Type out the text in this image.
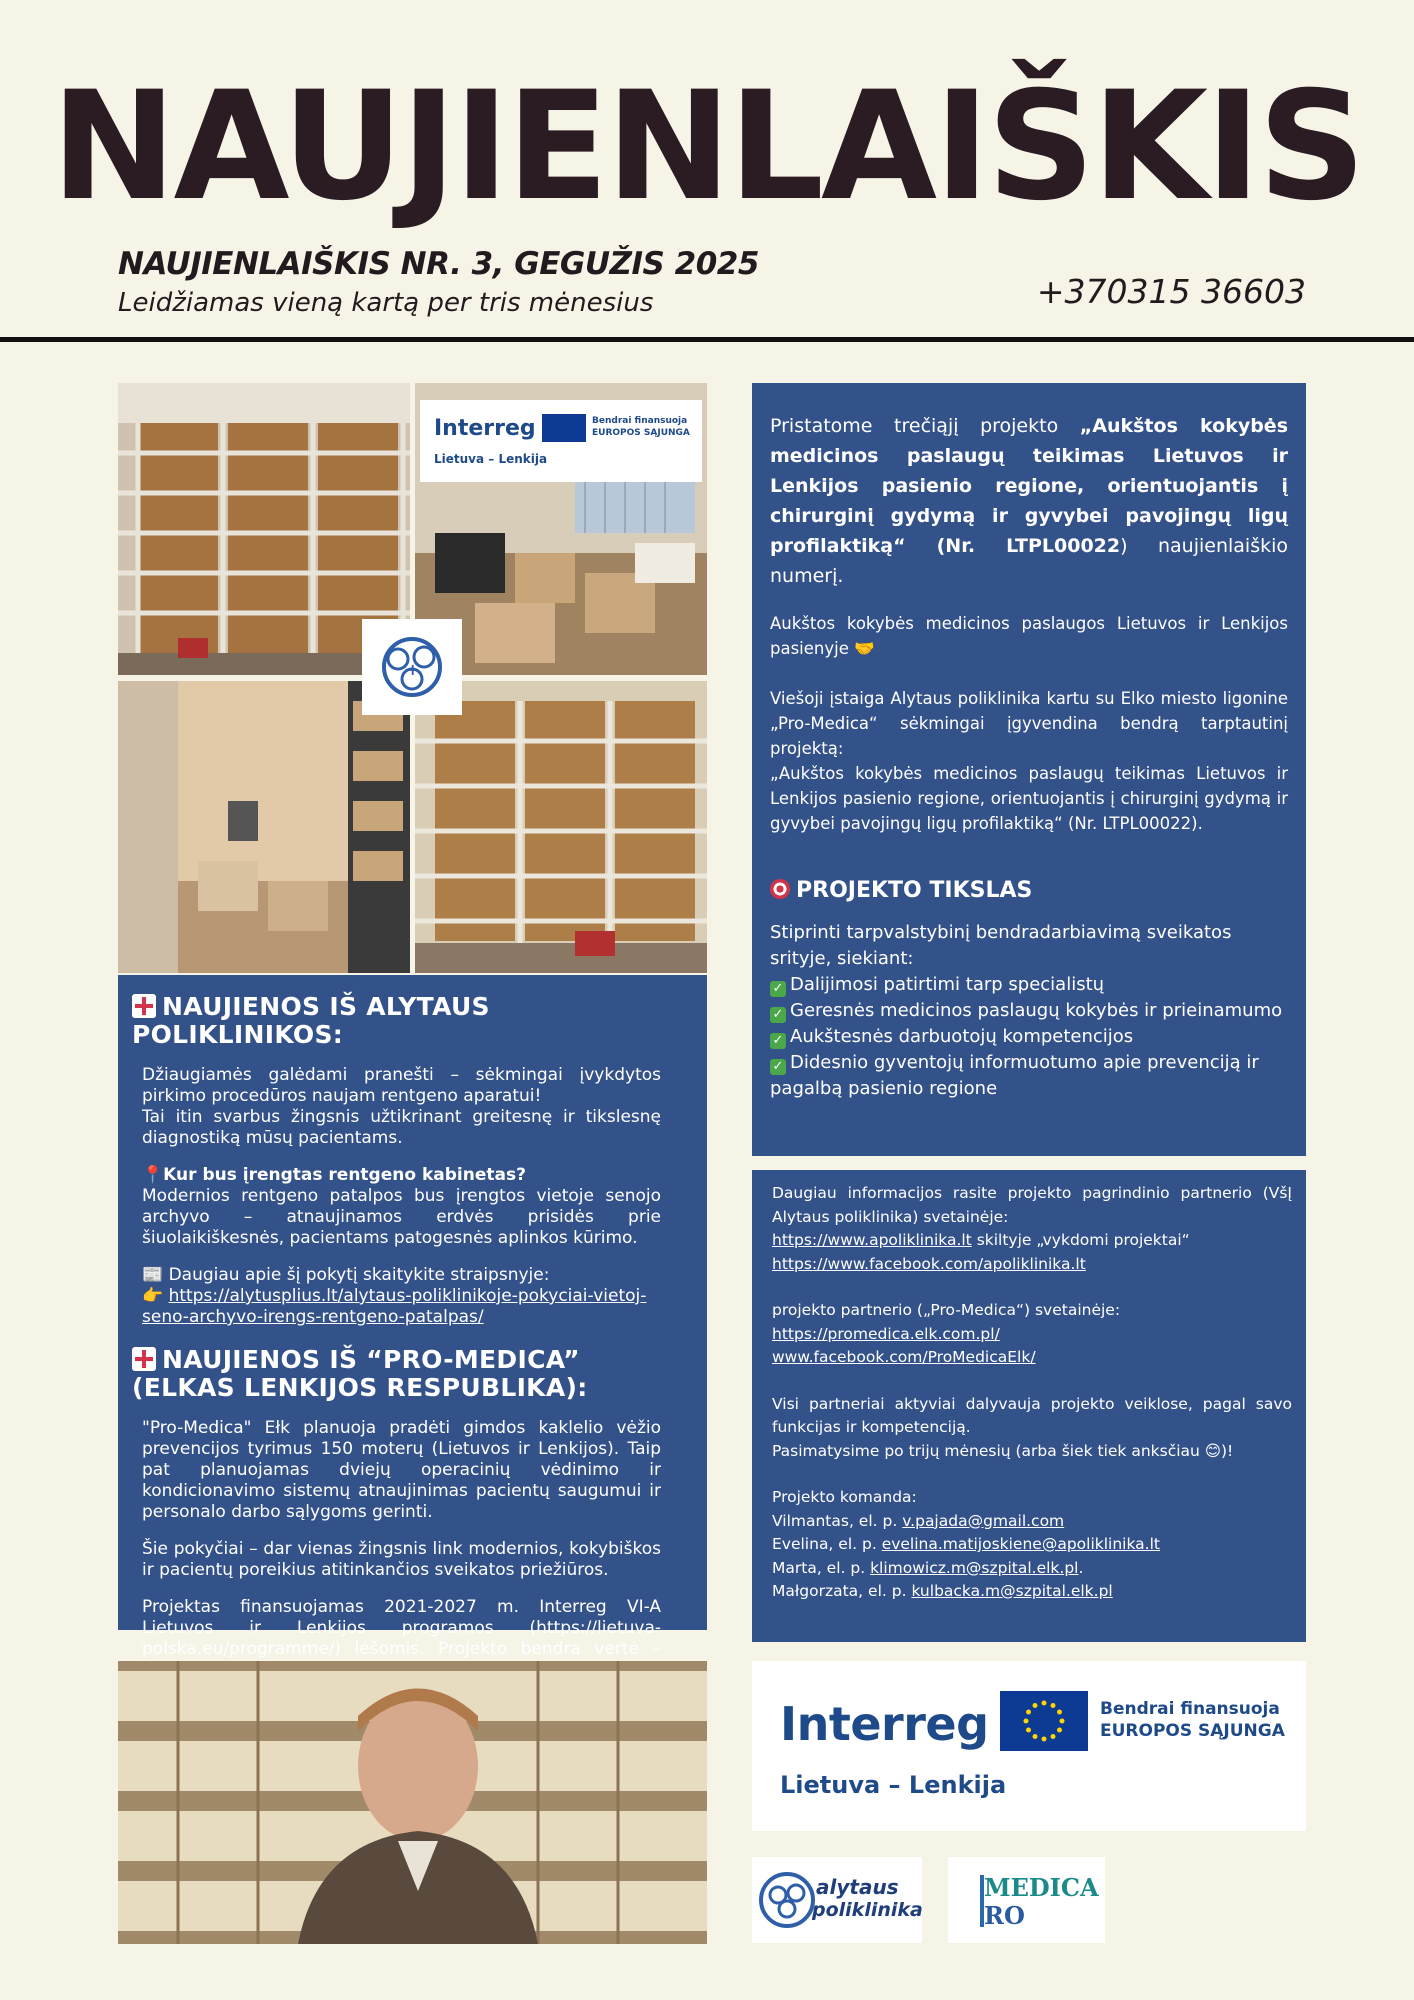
NAUJIENLAIŠKIS
NAUJIENLAIŠKIS NR. 3, GEGUŽIS 2025
Leidžiamas vieną kartą per tris mėnesius	+370315 36603
Interreg	Bendrai finansuoja
EUROPOS SĄJUNGA
Lietuva – Lenkija
+
NAUJIENOS IŠ ALYTAUS POLIKLINIKOS:

Džiaugiamės galėdami pranešti – sėkmingai įvykdytos pirkimo procedūros naujam rentgeno aparatui!

Tai itin svarbus žingsnis užtikrinant greitesnę ir tikslesnę diagnostiką mūsų pacientams.

📍Kur bus įrengtas rentgeno kabinetas?

Modernios rentgeno patalpos bus įrengtos vietoje senojo archyvo – atnaujinamos erdvės prisidės prie šiuolaikiškesnės, pacientams patogesnės aplinkos kūrimo.

📰 Daugiau apie šį pokytį skaitykite straipsnyje:

👉 https://alytusplius.lt/alytaus-poliklinikoje-pokyciai-vietoj-seno-archyvo-irengs-rentgeno-patalpas/

NAUJIENOS IŠ “PRO-MEDICA” (ELKAS LENKIJOS RESPUBLIKA):

"Pro-Medica" Ełk planuoja pradėti gimdos kaklelio vėžio prevencijos tyrimus 150 moterų (Lietuvos ir Lenkijos). Taip pat planuojamas dviejų operacinių vėdinimo ir kondicionavimo sistemų atnaujinimas pacientų saugumui ir personalo darbo sąlygoms gerinti.

Šie pokyčiai – dar vienas žingsnis link modernios, kokybiškos ir pacientų poreikius atitinkančios sveikatos priežiūros.

Projektas finansuojamas 2021-2027 m. Interreg VI-A Lietuvos ir Lenkijos programos (https://lietuva-polska.eu/programme/) lėšomis. Projekto bendra vertė –

Pristatome trečiąjį projekto „Aukštos kokybės medicinos paslaugų teikimas Lietuvos ir Lenkijos pasienio regione, orientuojantis į chirurginį gydymą ir gyvybei pavojingų ligų profilaktiką“ (Nr. LTPL00022) naujienlaiškio numerį.

Aukštos kokybės medicinos paslaugos Lietuvos ir Lenkijos pasienyje 🤝

Viešoji įstaiga Alytaus poliklinika kartu su Elko miesto ligonine „Pro-Medica“ sėkmingai įgyvendina bendrą tarptautinį projektą:

„Aukštos kokybės medicinos paslaugų teikimas Lietuvos ir Lenkijos pasienio regione, orientuojantis į chirurginį gydymą ir gyvybei pavojingų ligų profilaktiką“ (Nr. LTPL00022).

PROJEKTO TIKSLAS

Stiprinti tarpvalstybinį bendradarbiavimą sveikatos srityje, siekiant:

✓ Dalijimosi patirtimi tarp specialistų
✓ Geresnės medicinos paslaugų kokybės ir prieinamumo
✓ Aukštesnės darbuotojų kompetencijos
✓ Didesnio gyventojų informuotumo apie prevenciją ir pagalbą pasienio regione

Daugiau informacijos rasite projekto pagrindinio partnerio (VšĮ Alytaus poliklinika) svetainėje:

https://www.apoliklinika.lt skiltyje „vykdomi projektai“

https://www.facebook.com/apoliklinika.lt

projekto partnerio („Pro-Medica“) svetainėje:

https://promedica.elk.com.pl/

www.facebook.com/ProMedicaElk/

Visi partneriai aktyviai dalyvauja projekto veiklose, pagal savo funkcijas ir kompetenciją.

Pasimatysime po trijų mėnesių (arba šiek tiek anksčiau 😊)!

Projekto komanda:

Vilmantas, el. p. v.pajada@gmail.com
Evelina, el. p. evelina.matijoskiene@apoliklinika.lt
Marta, el. p. klimowicz.m@szpital.elk.pl.
Małgorzata, el. p. kulbacka.m@szpital.elk.pl
Interreg	Bendrai finansuoja
EUROPOS SĄJUNGA
Lietuva – Lenkija
alytaus
poliklinika
MEDICA
RO
